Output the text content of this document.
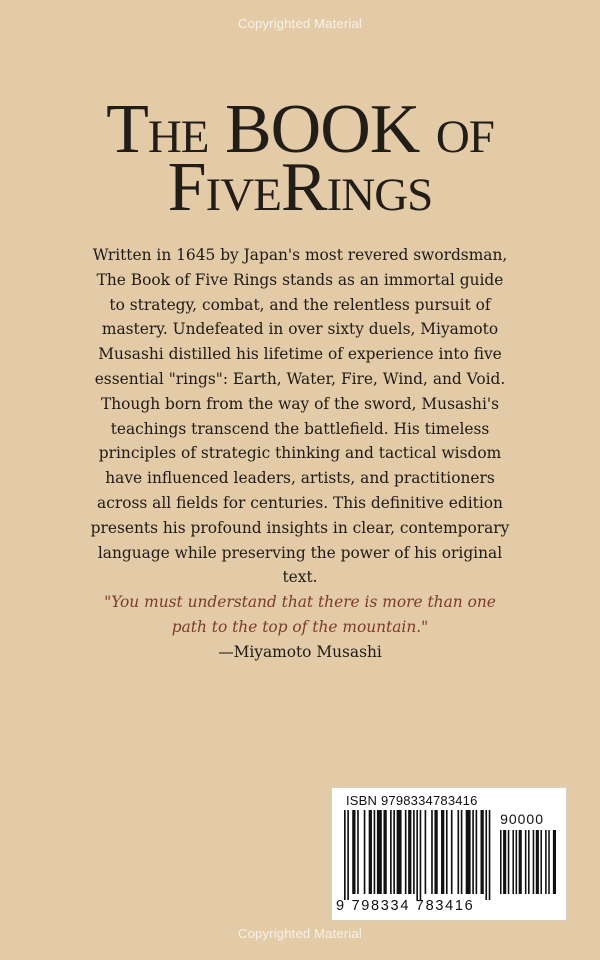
Copyrighted Material
THE BOOK OF
FIVERINGS

Written in 1645 by Japan's most revered swordsman, The Book of Five Rings stands as an immortal guide to strategy, combat, and the relentless pursuit of mastery. Undefeated in over sixty duels, Miyamoto Musashi distilled his lifetime of experience into five essential "rings": Earth, Water, Fire, Wind, and Void.

Though born from the way of the sword, Musashi's teachings transcend the battlefield. His timeless principles of strategic thinking and tactical wisdom have influenced leaders, artists, and practitioners across all fields for centuries. This definitive edition presents his profound insights in clear, contemporary language while preserving the power of his original text.

"You must understand that there is more than one path to the top of the mountain."

—Miyamoto Musashi

ISBN 9798334783416
90000
9 798334 783416
Copyrighted Material
